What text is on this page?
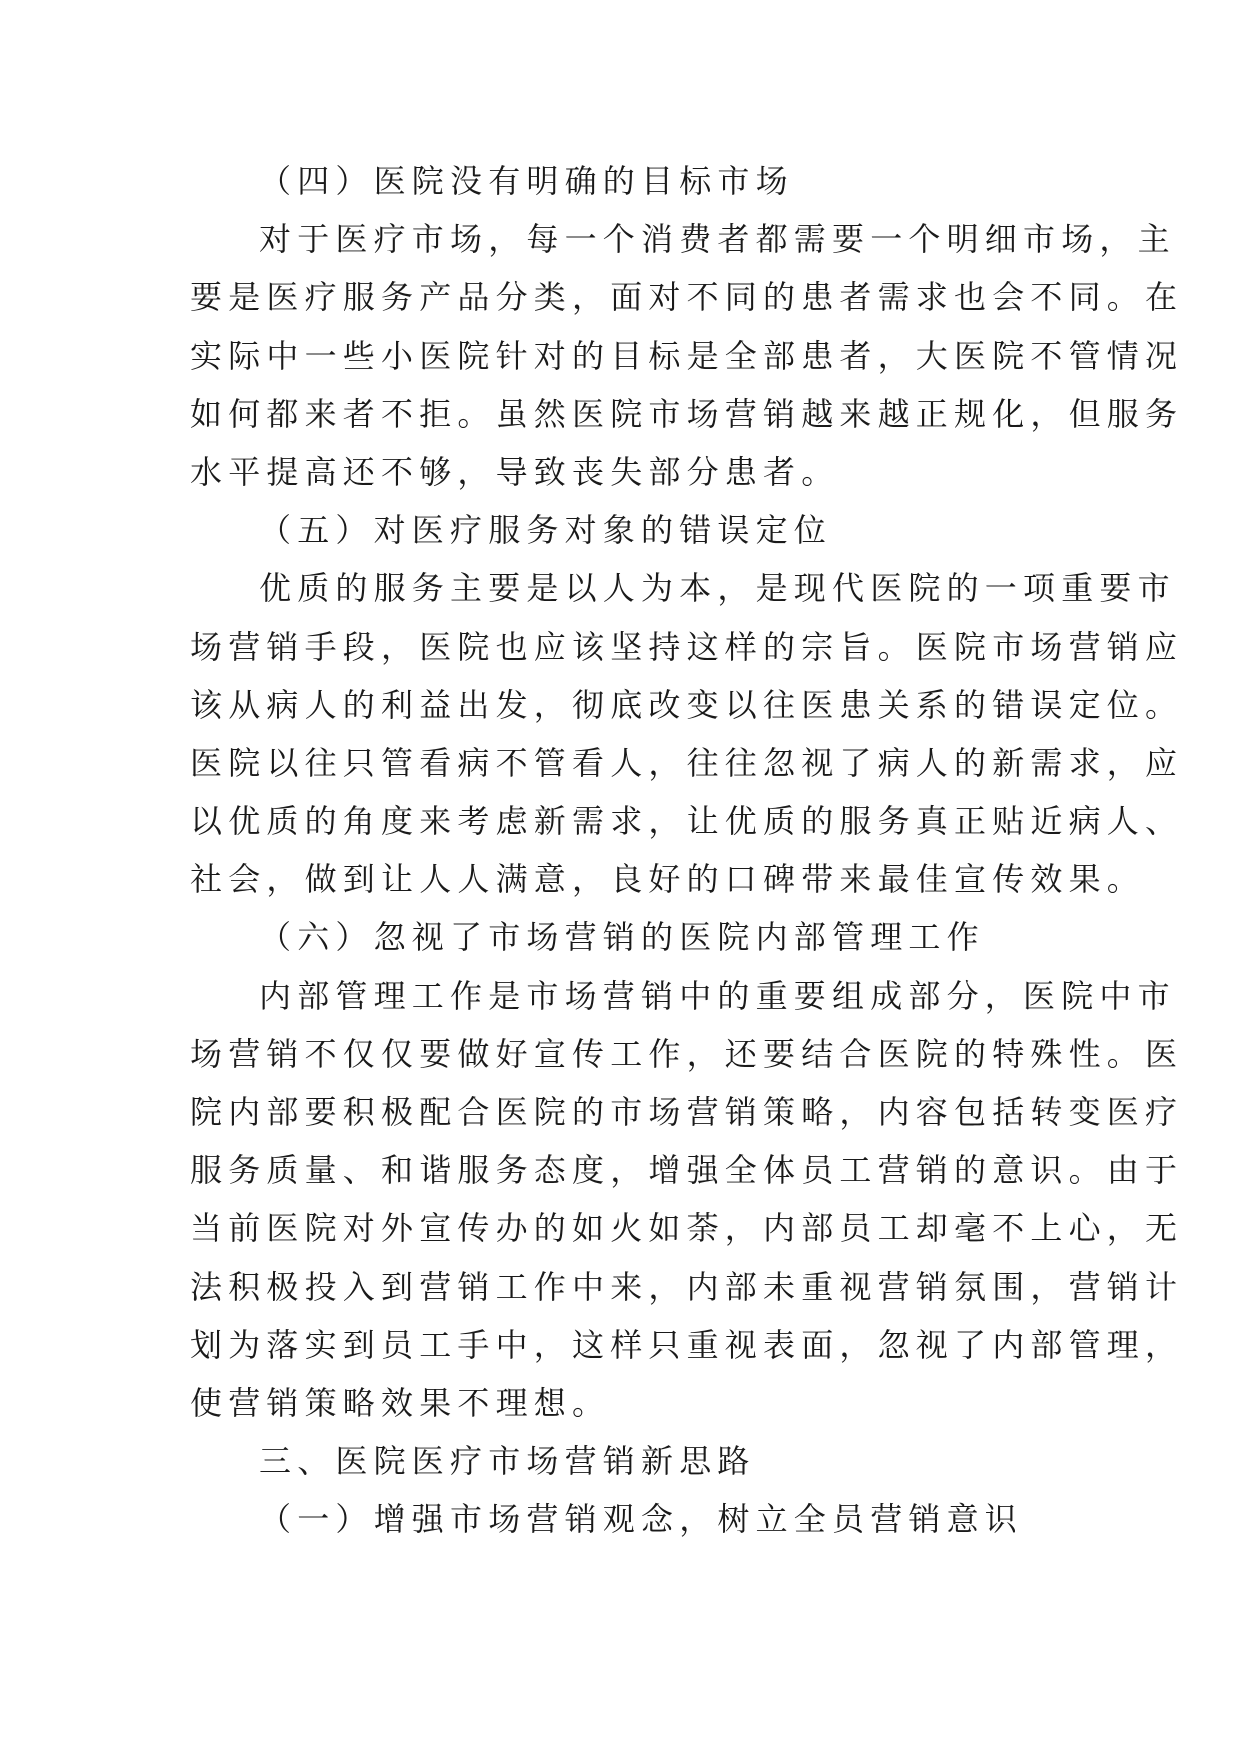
（四）医院没有明确的目标市场
对于医疗市场，每一个消费者都需要一个明细市场，主
要是医疗服务产品分类，面对不同的患者需求也会不同。在
实际中一些小医院针对的目标是全部患者，大医院不管情况
如何都来者不拒。虽然医院市场营销越来越正规化，但服务
水平提高还不够，导致丧失部分患者。
（五）对医疗服务对象的错误定位
优质的服务主要是以人为本，是现代医院的一项重要市
场营销手段，医院也应该坚持这样的宗旨。医院市场营销应
该从病人的利益出发，彻底改变以往医患关系的错误定位。
医院以往只管看病不管看人，往往忽视了病人的新需求，应
以优质的角度来考虑新需求，让优质的服务真正贴近病人、
社会，做到让人人满意，良好的口碑带来最佳宣传效果。
（六）忽视了市场营销的医院内部管理工作
内部管理工作是市场营销中的重要组成部分，医院中市
场营销不仅仅要做好宣传工作，还要结合医院的特殊性。医
院内部要积极配合医院的市场营销策略，内容包括转变医疗
服务质量、和谐服务态度，增强全体员工营销的意识。由于
当前医院对外宣传办的如火如荼，内部员工却毫不上心，无
法积极投入到营销工作中来，内部未重视营销氛围，营销计
划为落实到员工手中，这样只重视表面，忽视了内部管理，
使营销策略效果不理想。
三、医院医疗市场营销新思路
（一）增强市场营销观念，树立全员营销意识
